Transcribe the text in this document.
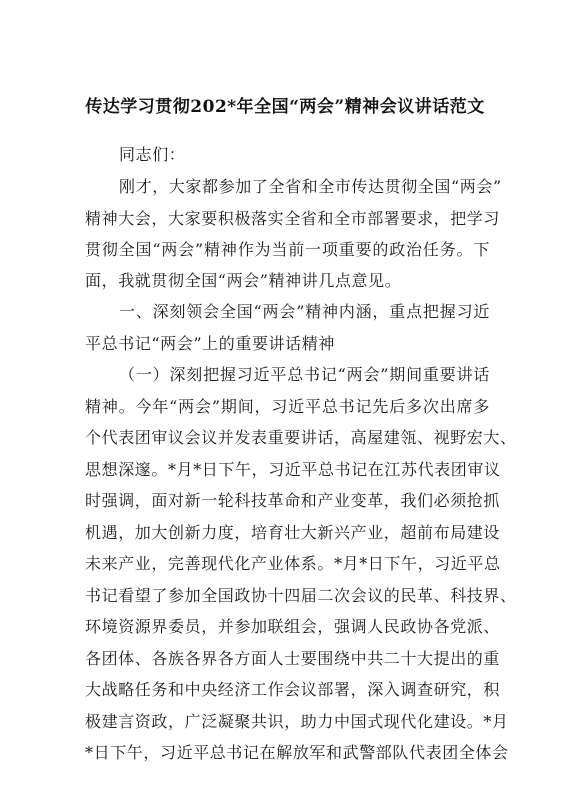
传达学习贯彻202*年全国“两会”精神会议讲话范文
同志们：
刚才，大家都参加了全省和全市传达贯彻全国“两会”
精神大会，大家要积极落实全省和全市部署要求，把学习
贯彻全国“两会”精神作为当前一项重要的政治任务。下
面，我就贯彻全国“两会”精神讲几点意见。
一、深刻领会全国“两会”精神内涵，重点把握习近
平总书记“两会”上的重要讲话精神
（一）深刻把握习近平总书记“两会”期间重要讲话
精神。今年“两会”期间，习近平总书记先后多次出席多
个代表团审议会议并发表重要讲话，高屋建瓴、视野宏大、
思想深邃。*月*日下午，习近平总书记在江苏代表团审议
时强调，面对新一轮科技革命和产业变革，我们必须抢抓
机遇，加大创新力度，培育壮大新兴产业，超前布局建设
未来产业，完善现代化产业体系。*月*日下午，习近平总
书记看望了参加全国政协十四届二次会议的民革、科技界、
环境资源界委员，并参加联组会，强调人民政协各党派、
各团体、各族各界各方面人士要围绕中共二十大提出的重
大战略任务和中央经济工作会议部署，深入调查研究，积
极建言资政，广泛凝聚共识，助力中国式现代化建设。*月
*日下午，习近平总书记在解放军和武警部队代表团全体会
